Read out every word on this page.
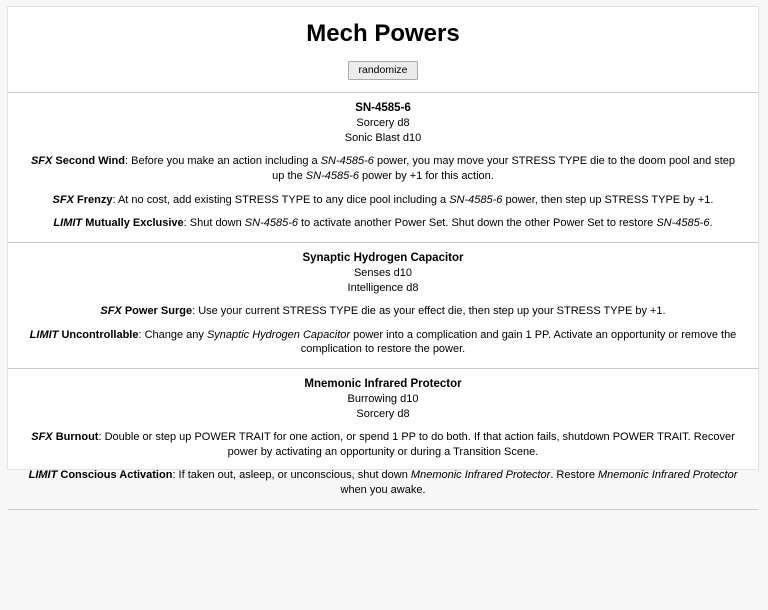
Mech Powers
randomize
SN-4585-6
Sorcery d8
Sonic Blast d10
SFX Second Wind: Before you make an action including a SN-4585-6 power, you may move your STRESS TYPE die to the doom pool and step up the SN-4585-6 power by +1 for this action.
SFX Frenzy: At no cost, add existing STRESS TYPE to any dice pool including a SN-4585-6 power, then step up STRESS TYPE by +1.
LIMIT Mutually Exclusive: Shut down SN-4585-6 to activate another Power Set. Shut down the other Power Set to restore SN-4585-6.
Synaptic Hydrogen Capacitor
Senses d10
Intelligence d8
SFX Power Surge: Use your current STRESS TYPE die as your effect die, then step up your STRESS TYPE by +1.
LIMIT Uncontrollable: Change any Synaptic Hydrogen Capacitor power into a complication and gain 1 PP. Activate an opportunity or remove the complication to restore the power.
Mnemonic Infrared Protector
Burrowing d10
Sorcery d8
SFX Burnout: Double or step up POWER TRAIT for one action, or spend 1 PP to do both. If that action fails, shutdown POWER TRAIT. Recover power by activating an opportunity or during a Transition Scene.
LIMIT Conscious Activation: If taken out, asleep, or unconscious, shut down Mnemonic Infrared Protector. Restore Mnemonic Infrared Protector when you awake.
